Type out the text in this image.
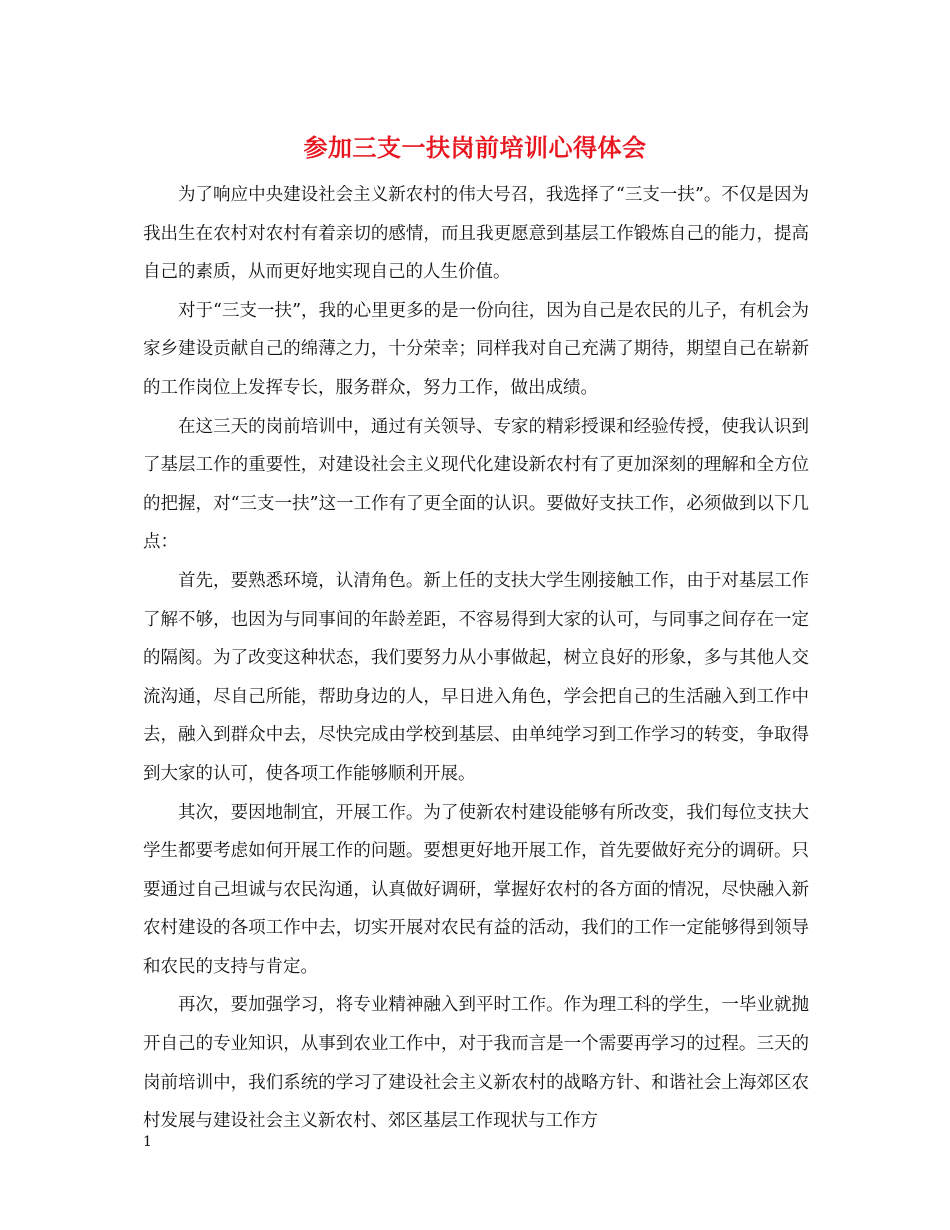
参加三支一扶岗前培训心得体会

为了响应中央建设社会主义新农村的伟大号召，我选择了“三支一扶”。不仅是因为我出生在农村对农村有着亲切的感情，而且我更愿意到基层工作锻炼自己的能力，提高自己的素质，从而更好地实现自己的人生价值。

对于“三支一扶”，我的心里更多的是一份向往，因为自己是农民的儿子，有机会为家乡建设贡献自己的绵薄之力，十分荣幸；同样我对自己充满了期待，期望自己在崭新的工作岗位上发挥专长，服务群众，努力工作，做出成绩。

在这三天的岗前培训中，通过有关领导、专家的精彩授课和经验传授，使我认识到了基层工作的重要性，对建设社会主义现代化建设新农村有了更加深刻的理解和全方位的把握，对“三支一扶”这一工作有了更全面的认识。要做好支扶工作，必须做到以下几点：

首先，要熟悉环境，认清角色。新上任的支扶大学生刚接触工作，由于对基层工作了解不够，也因为与同事间的年龄差距，不容易得到大家的认可，与同事之间存在一定的隔阂。为了改变这种状态，我们要努力从小事做起，树立良好的形象，多与其他人交流沟通，尽自己所能，帮助身边的人，早日进入角色，学会把自己的生活融入到工作中去，融入到群众中去，尽快完成由学校到基层、由单纯学习到工作学习的转变，争取得到大家的认可，使各项工作能够顺利开展。

其次，要因地制宜，开展工作。为了使新农村建设能够有所改变，我们每位支扶大学生都要考虑如何开展工作的问题。要想更好地开展工作，首先要做好充分的调研。只要通过自己坦诚与农民沟通，认真做好调研，掌握好农村的各方面的情况，尽快融入新农村建设的各项工作中去，切实开展对农民有益的活动，我们的工作一定能够得到领导和农民的支持与肯定。

再次，要加强学习，将专业精神融入到平时工作。作为理工科的学生，一毕业就抛开自己的专业知识，从事到农业工作中，对于我而言是一个需要再学习的过程。三天的岗前培训中，我们系统的学习了建设社会主义新农村的战略方针、和谐社会上海郊区农村发展与建设社会主义新农村、郊区基层工作现状与工作方

1
